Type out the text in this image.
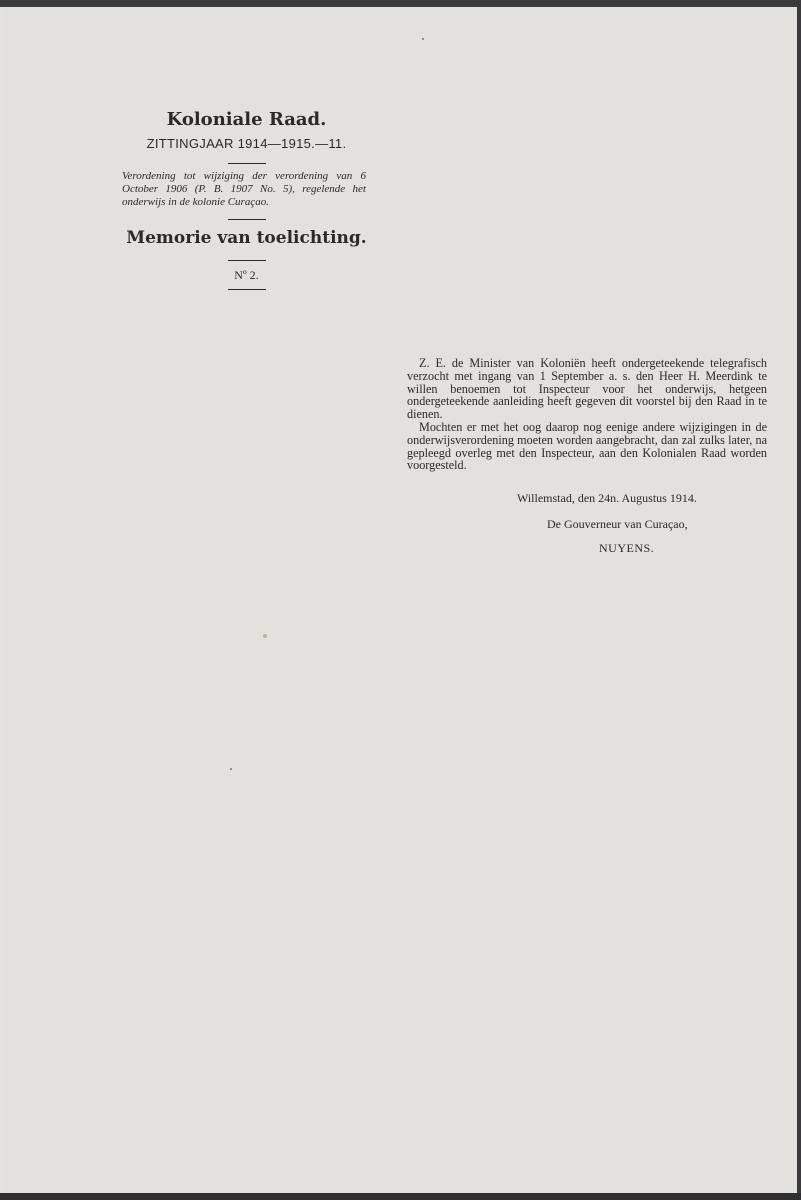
Koloniale Raad.

ZITTINGJAAR 1914—1915.—11.

Verordening tot wijziging der verordening van 6 October 1906 (P. B. 1907 No. 5), regelende het onderwijs in de kolonie Curaçao.

Memorie van toelichting.

Nº 2.

Z. E. de Minister van Koloniën heeft ondergeteekende telegrafisch verzocht met ingang van 1 September a. s. den Heer H. Meerdink te willen benoemen tot Inspecteur voor het onderwijs, hetgeen ondergeteekende aanleiding heeft gegeven dit voorstel bij den Raad in te dienen.

Mochten er met het oog daarop nog eenige andere wijzigingen in de onderwijsverordening moeten worden aangebracht, dan zal zulks later, na gepleegd overleg met den Inspecteur, aan den Kolonialen Raad worden voorgesteld.

Willemstad, den 24n. Augustus 1914.

De Gouverneur van Curaçao,

NUYENS.
